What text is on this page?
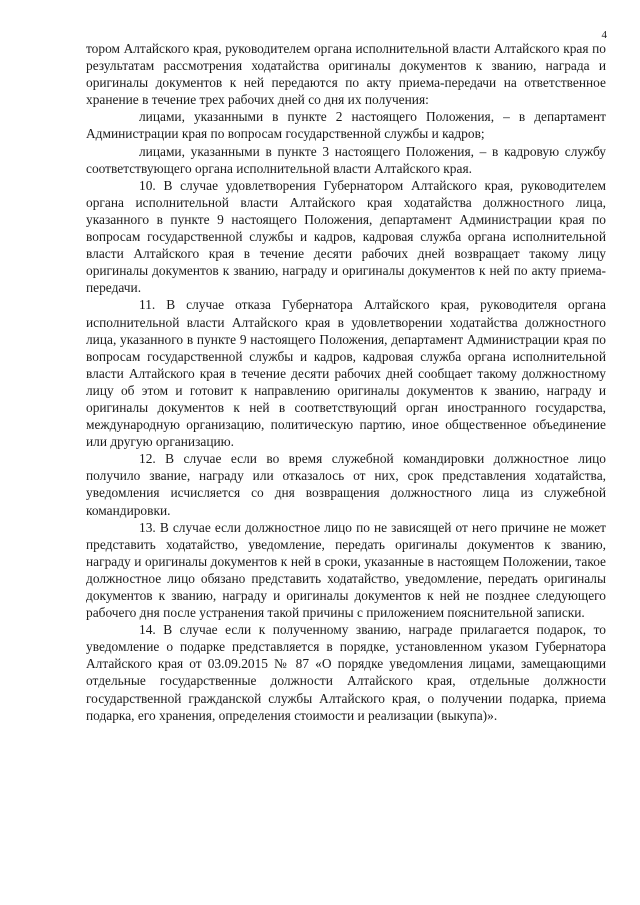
4

тором Алтайского края, руководителем органа исполнительной власти Алтайского края по результатам рассмотрения ходатайства оригиналы документов к званию, награда и оригиналы документов к ней передаются по акту приема-передачи на ответственное хранение в течение трех рабочих дней со дня их получения:

лицами, указанными в пункте 2 настоящего Положения, – в департамент Администрации края по вопросам государственной службы и кадров;

лицами, указанными в пункте 3 настоящего Положения, – в кадровую службу соответствующего органа исполнительной власти Алтайского края.

10. В случае удовлетворения Губернатором Алтайского края, руководителем органа исполнительной власти Алтайского края ходатайства должностного лица, указанного в пункте 9 настоящего Положения, департамент Администрации края по вопросам государственной службы и кадров, кадровая служба органа исполнительной власти Алтайского края в течение десяти рабочих дней возвращает такому лицу оригиналы документов к званию, награду и оригиналы документов к ней по акту приема-передачи.

11. В случае отказа Губернатора Алтайского края, руководителя органа исполнительной власти Алтайского края в удовлетворении ходатайства должностного лица, указанного в пункте 9 настоящего Положения, департамент Администрации края по вопросам государственной службы и кадров, кадровая служба органа исполнительной власти Алтайского края в течение десяти рабочих дней сообщает такому должностному лицу об этом и готовит к направлению оригиналы документов к званию, награду и оригиналы документов к ней в соответствующий орган иностранного государства, международную организацию, политическую партию, иное общественное объединение или другую организацию.

12. В случае если во время служебной командировки должностное лицо получило звание, награду или отказалось от них, срок представления ходатайства, уведомления исчисляется со дня возвращения должностного лица из служебной командировки.

13. В случае если должностное лицо по не зависящей от него причине не может представить ходатайство, уведомление, передать оригиналы документов к званию, награду и оригиналы документов к ней в сроки, указанные в настоящем Положении, такое должностное лицо обязано представить ходатайство, уведомление, передать оригиналы документов к званию, награду и оригиналы документов к ней не позднее следующего рабочего дня после устранения такой причины с приложением пояснительной записки.

14. В случае если к полученному званию, награде прилагается подарок, то уведомление о подарке представляется в порядке, установленном указом Губернатора Алтайского края от 03.09.2015 № 87 «О порядке уведомления лицами, замещающими отдельные государственные должности Алтайского края, отдельные должности государственной гражданской службы Алтайского края, о получении подарка, приема подарка, его хранения, определения стоимости и реализации (выкупа)».
